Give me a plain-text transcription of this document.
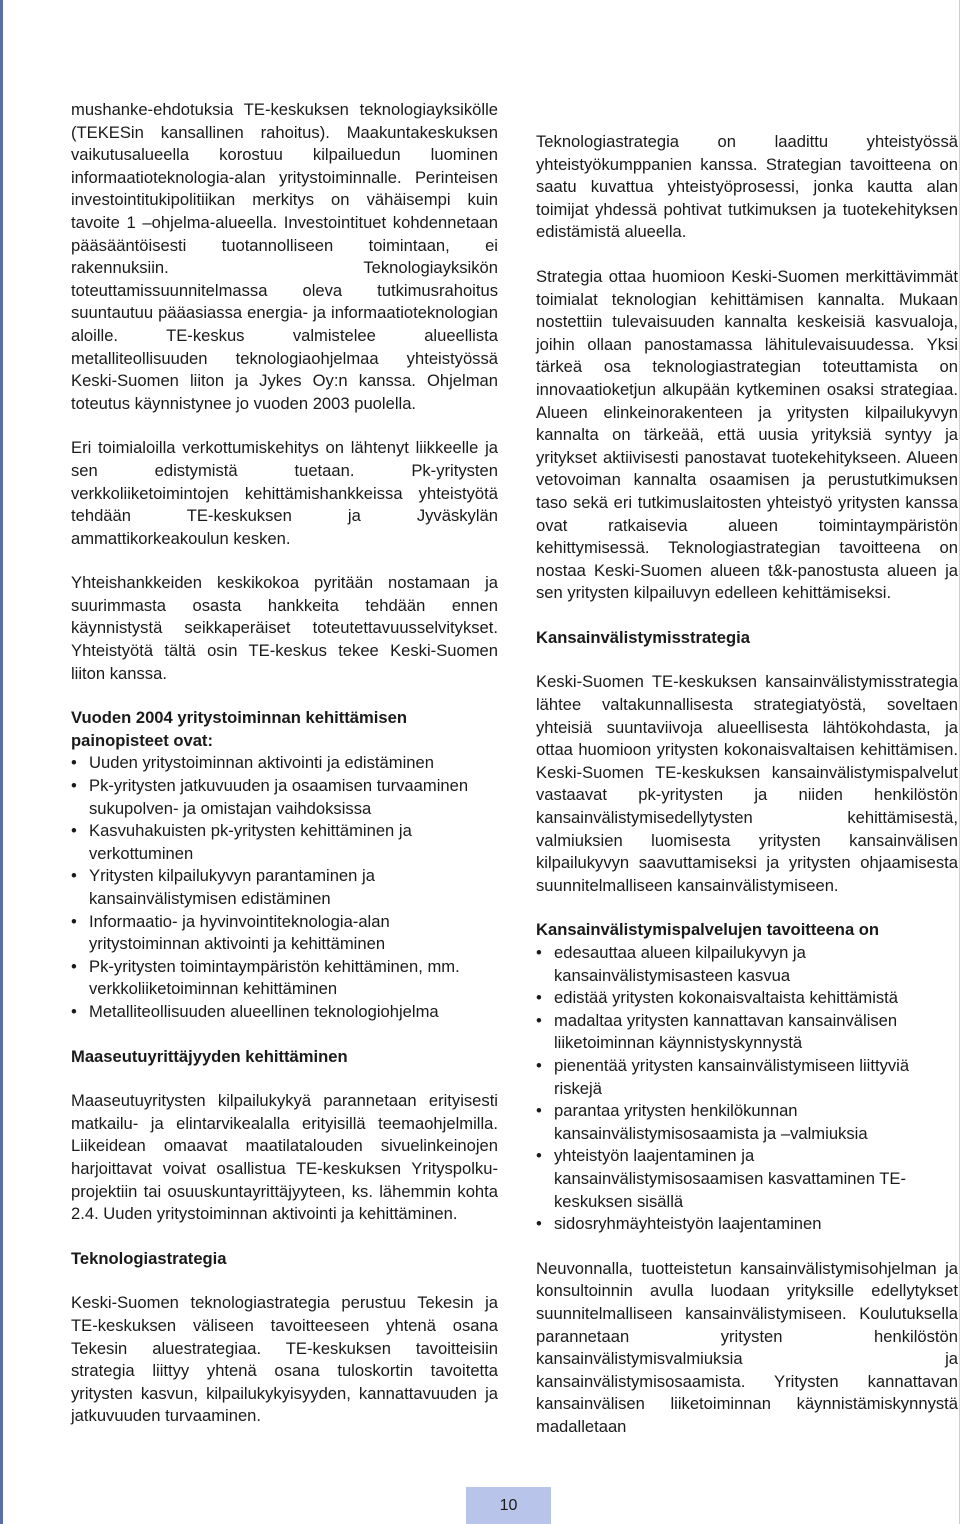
mushanke-ehdotuksia TE-keskuksen teknologiayksikölle (TEKESin kansallinen rahoitus). Maakuntakeskuksen vaikutusalueella korostuu kilpailuedun luominen informaatioteknologia-alan yritystoiminnalle. Perinteisen investointitukipolitiikan merkitys on vähäisempi kuin tavoite 1 –ohjelma-alueella. Investointituet kohdennetaan pääsääntöisesti tuotannolliseen toimintaan, ei rakennuksiin. Teknologiayksikön toteuttamissuunnitelmassa oleva tutkimusrahoitus suuntautuu pääasiassa energia- ja informaatioteknologian aloille. TE-keskus valmistelee alueellista metalliteollisuuden teknologiaohjelmaa yhteistyössä Keski-Suomen liiton ja Jykes Oy:n kanssa. Ohjelman toteutus käynnistynee jo vuoden 2003 puolella.

Eri toimialoilla verkottumiskehitys on lähtenyt liikkeelle ja sen edistymistä tuetaan. Pk-yritysten verkkoliiketoimintojen kehittämishankkeissa yhteistyötä tehdään TE-keskuksen ja Jyväskylän ammattikorkeakoulun kesken.

Yhteishankkeiden keskikokoa pyritään nostamaan ja suurimmasta osasta hankkeita tehdään ennen käynnistystä seikkaperäiset toteutettavuusselvitykset. Yhteistyötä tältä osin TE-keskus tekee Keski-Suomen liiton kanssa.

Vuoden 2004 yritystoiminnan kehittämisen painopisteet ovat:
• Uuden yritystoiminnan aktivointi ja edistäminen
• Pk-yritysten jatkuvuuden ja osaamisen turvaaminen sukupolven- ja omistajan vaihdoksissa
• Kasvuhakuisten pk-yritysten kehittäminen ja verkottuminen
• Yritysten kilpailukyvyn parantaminen ja kansainvälistymisen edistäminen
• Informaatio- ja hyvinvointiteknologia-alan yritystoiminnan aktivointi ja kehittäminen
• Pk-yritysten toimintaympäristön kehittäminen, mm. verkkoliiketoiminnan kehittäminen
• Metalliteollisuuden alueellinen teknologiohjelma
Maaseutuyrittäjyyden kehittäminen

Maaseutuyritysten kilpailukykyä parannetaan erityisesti matkailu- ja elintarvikealalla erityisillä teemaohjelmilla. Liikeidean omaavat maatilatalouden sivuelinkeinojen harjoittavat voivat osallistua TE-keskuksen Yrityspolku-projektiin tai osuuskuntayrittäjyyteen, ks. lähemmin kohta 2.4. Uuden yritystoiminnan aktivointi ja kehittäminen.

Teknologiastrategia

Keski-Suomen teknologiastrategia perustuu Tekesin ja TE-keskuksen väliseen tavoitteeseen yhtenä osana Tekesin aluestrategiaa. TE-keskuksen tavoitteisiin strategia liittyy yhtenä osana tuloskortin tavoitetta yritysten kasvun, kilpailukykyisyyden, kannattavuuden ja jatkuvuuden turvaaminen.

Teknologiastrategia on laadittu yhteistyössä yhteistyökumppanien kanssa. Strategian tavoitteena on saatu kuvattua yhteistyöprosessi, jonka kautta alan toimijat yhdessä pohtivat tutkimuksen ja tuotekehityksen edistämistä alueella.

Strategia ottaa huomioon Keski-Suomen merkittävimmät toimialat teknologian kehittämisen kannalta. Mukaan nostettiin tulevaisuuden kannalta keskeisiä kasvualoja, joihin ollaan panostamassa lähitulevaisuudessa. Yksi tärkeä osa teknologiastrategian toteuttamista on innovaatioketjun alkupään kytkeminen osaksi strategiaa. Alueen elinkeinorakenteen ja yritysten kilpailukyvyn kannalta on tärkeää, että uusia yrityksiä syntyy ja yritykset aktiivisesti panostavat tuotekehitykseen. Alueen vetovoiman kannalta osaamisen ja perustutkimuksen taso sekä eri tutkimuslaitosten yhteistyö yritysten kanssa ovat ratkaisevia alueen toimintaympäristön kehittymisessä. Teknologiastrategian tavoitteena on nostaa Keski-Suomen alueen t&k-panostusta alueen ja sen yritysten kilpailuvyn edelleen kehittämiseksi.

Kansainvälistymisstrategia

Keski-Suomen TE-keskuksen kansainvälistymisstrategia lähtee valtakunnallisesta strategiatyöstä, soveltaen yhteisiä suuntaviivoja alueellisesta lähtökohdasta, ja ottaa huomioon yritysten kokonaisvaltaisen kehittämisen. Keski-Suomen TE-keskuksen kansainvälistymispalvelut vastaavat pk-yritysten ja niiden henkilöstön kansainvälistymisedellytysten kehittämisestä, valmiuksien luomisesta yritysten kansainvälisen kilpailukyvyn saavuttamiseksi ja yritysten ohjaamisesta suunnitelmalliseen kansainvälistymiseen.

Kansainvälistymispalvelujen tavoitteena on
• edesauttaa alueen kilpailukyvyn ja kansainvälistymisasteen kasvua
• edistää yritysten kokonaisvaltaista kehittämistä
• madaltaa yritysten kannattavan kansainvälisen liiketoiminnan käynnistyskynnystä
• pienentää yritysten kansainvälistymiseen liittyviä riskejä
• parantaa yritysten henkilökunnan kansainvälistymisosaamista ja –valmiuksia
• yhteistyön laajentaminen ja kansainvälistymisosaamisen kasvattaminen TE-keskuksen sisällä
• sidosryhmäyhteistyön laajentaminen

Neuvonnalla, tuotteistetun kansainvälistymisohjelman ja konsultoinnin avulla luodaan yrityksille edellytykset suunnitelmalliseen kansainvälistymiseen. Koulutuksella parannetaan yritysten henkilöstön kansainvälistymisvalmiuksia ja kansainvälistymisosaamista. Yritysten kannattavan kansainvälisen liiketoiminnan käynnistämiskynnystä madalletaan

10
